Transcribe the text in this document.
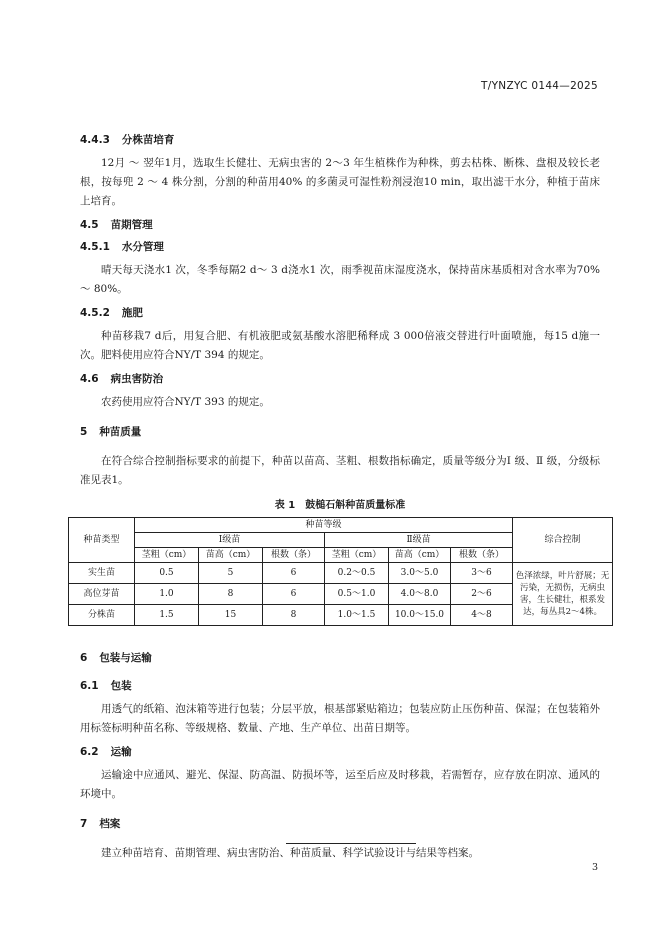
T/YNZYC 0144—2025
4.4.3 分株苗培育

12月 ～ 翌年1月，选取生长健壮、无病虫害的 2～3 年生植株作为种株，剪去枯株、断株、盘根及较长老根，按每兜 2 ～ 4 株分割，分割的种苗用40% 的多菌灵可湿性粉剂浸泡10 min，取出滤干水分，种植于苗床上培育。

4.5 苗期管理
4.5.1 水分管理

晴天每天浇水1 次，冬季每隔2 d～ 3 d浇水1 次，雨季视苗床湿度浇水，保持苗床基质相对含水率为70% ～ 80%。

4.5.2 施肥

种苗移栽7 d后，用复合肥、有机液肥或氨基酸水溶肥稀释成 3 000倍液交替进行叶面喷施，每15 d施一次。肥料使用应符合NY/T 394 的规定。

4.6 病虫害防治

农药使用应符合NY/T 393 的规定。

5 种苗质量

在符合综合控制指标要求的前提下，种苗以苗高、茎粗、根数指标确定，质量等级分为Ⅰ 级、Ⅱ 级，分级标准见表1。

表 1　鼓槌石斛种苗质量标准
种苗类型	种苗等级						综合控制
	Ⅰ级苗			Ⅱ级苗			
	茎粗（cm）	苗高（cm）	根数（条）	茎粗（cm）	苗高（cm）	根数（条）	
实生苗	0.5	5	6	0.2～0.5	3.0～5.0	3～6	色泽浓绿，叶片舒展；无污染，无损伤，无病虫害，生长健壮，根系发达，每丛具2～4株。
高位芽苗	1.0	8	6	0.5～1.0	4.0～8.0	2～6	
分株苗	1.5	15	8	1.0～1.5	10.0～15.0	4～8	
6 包装与运输
6.1 包装

用透气的纸箱、泡沫箱等进行包装；分层平放，根基部紧贴箱边；包装应防止压伤种苗、保湿；在包装箱外用标签标明种苗名称、等级规格、数量、产地、生产单位、出苗日期等。

6.2 运输

运输途中应通风、避光、保湿、防高温、防损坏等，运至后应及时移栽，若需暂存，应存放在阴凉、通风的环境中。

7 档案

建立种苗培育、苗期管理、病虫害防治、种苗质量、科学试验设计与结果等档案。

3
